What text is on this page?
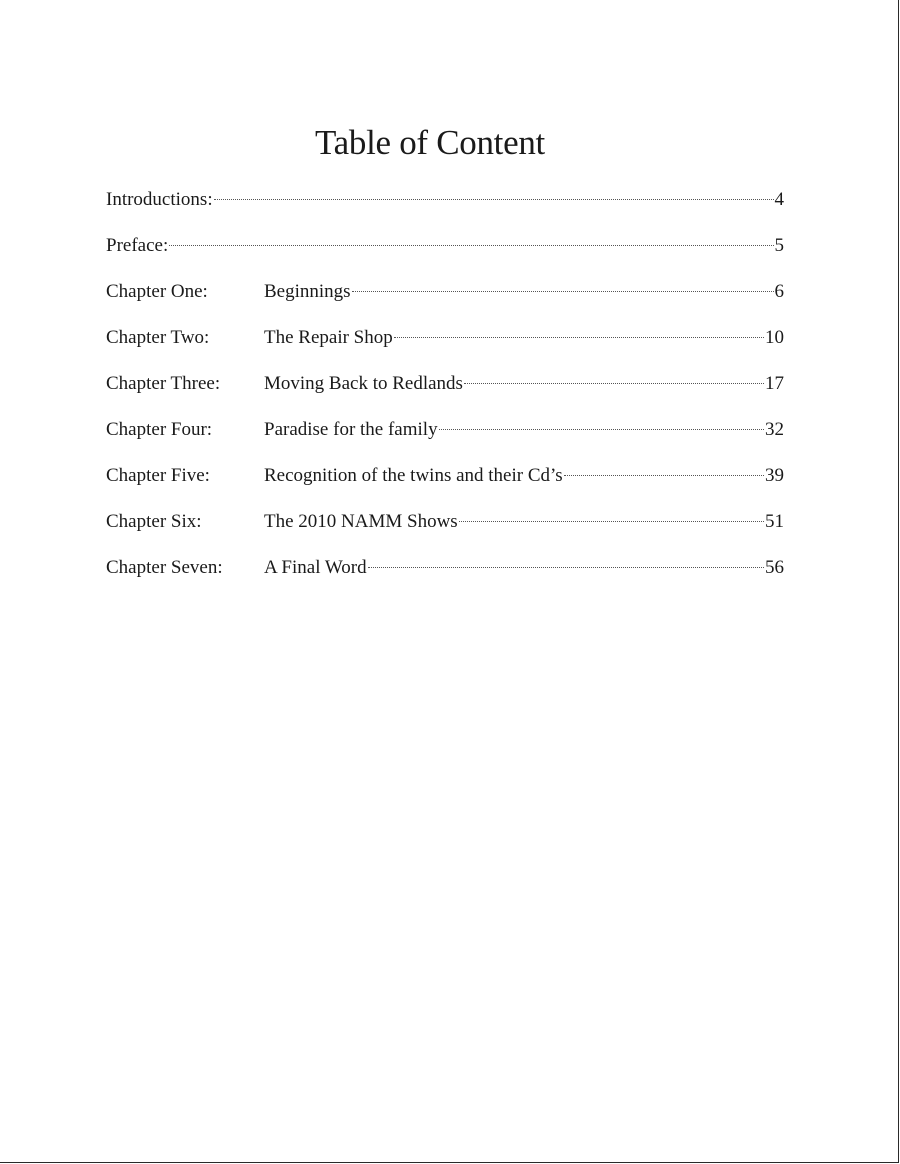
Table of Content
Introductions:	4
Preface:	5
Chapter One:	Beginnings	6
Chapter Two:	The Repair Shop	10
Chapter Three:	Moving Back to Redlands	17
Chapter Four:	Paradise for the family	32
Chapter Five:	Recognition of the twins and their Cd’s	39
Chapter Six:	The 2010 NAMM Shows	51
Chapter Seven:	A Final Word	56
